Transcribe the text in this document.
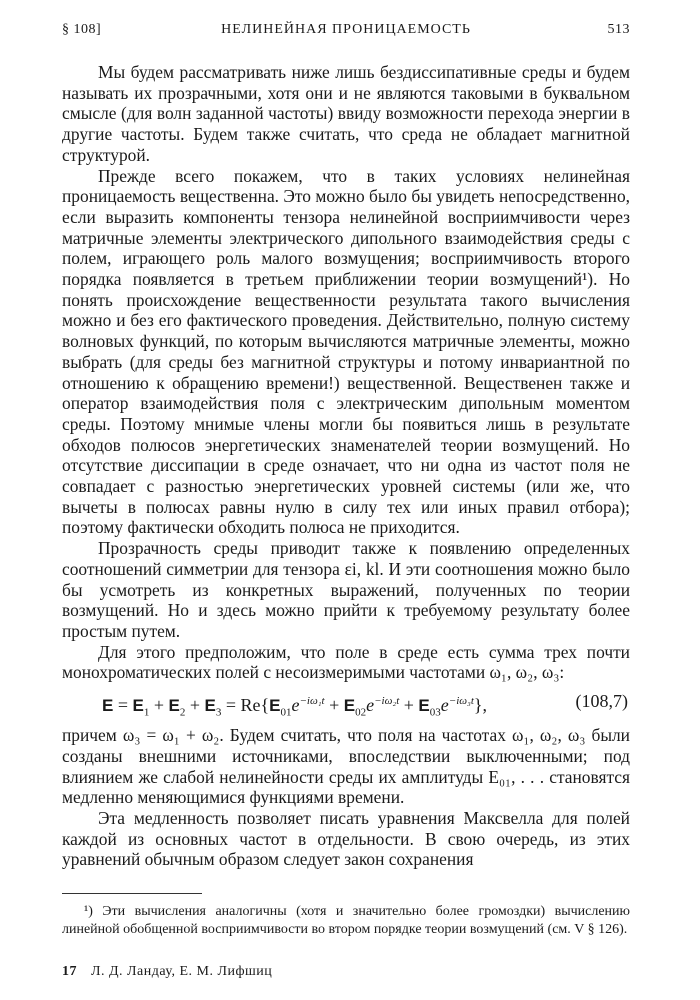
§ 108]	НЕЛИНЕЙНАЯ ПРОНИЦАЕМОСТЬ	513

Мы будем рассматривать ниже лишь бездиссипативные среды и будем называть их прозрачными, хотя они и не являются таковыми в буквальном смысле (для волн заданной частоты) ввиду возможности перехода энергии в другие частоты. Будем также считать, что среда не обладает магнитной структурой.

Прежде всего покажем, что в таких условиях нелинейная проницаемость вещественна. Это можно было бы увидеть непосредственно, если выразить компоненты тензора нелинейной восприимчивости через матричные элементы электрического дипольного взаимодействия среды с полем, играющего роль малого возмущения; восприимчивость второго порядка появляется в третьем приближении теории возмущений¹). Но понять происхождение вещественности результата такого вычисления можно и без его фактического проведения. Действительно, полную систему волновых функций, по которым вычисляются матричные элементы, можно выбрать (для среды без магнитной структуры и потому инвариантной по отношению к обращению времени!) вещественной. Вещественен также и оператор взаимодействия поля с электрическим дипольным моментом среды. Поэтому мнимые члены могли бы появиться лишь в результате обходов полюсов энергетических знаменателей теории возмущений. Но отсутствие диссипации в среде означает, что ни одна из частот поля не совпадает с разностью энергетических уровней системы (или же, что вычеты в полюсах равны нулю в силу тех или иных правил отбора); поэтому фактически обходить полюса не приходится.

Прозрачность среды приводит также к появлению определенных соотношений симметрии для тензора εi, kl. И эти соотношения можно было бы усмотреть из конкретных выражений, полученных по теории возмущений. Но и здесь можно прийти к требуемому результату более простым путем.

Для этого предположим, что поле в среде есть сумма трех почти монохроматических полей с несоизмеримыми частотами ω₁, ω₂, ω₃:

$E = E_1 + E_2 + E_3 = Re\{E_{01}e^{-i\omega_1t} + E_{02}e^{-i\omega_2t} + E_{03}e^{-i\omega_3t}\}$,	(108,7)

причем ω₃ = ω₁ + ω₂. Будем считать, что поля на частотах ω₁, ω₂, ω₃ были созданы внешними источниками, впоследствии выключенными; под влиянием же слабой нелинейности среды их амплитуды E₀₁, . . . становятся медленно меняющимися функциями времени.

Эта медленность позволяет писать уравнения Максвелла для полей каждой из основных частот в отдельности. В свою очередь, из этих уравнений обычным образом следует закон сохранения

¹) Эти вычисления аналогичны (хотя и значительно более громоздки) вычислению линейной обобщенной восприимчивости во втором порядке теории возмущений (см. V § 126).
17 Л. Д. Ландау, Е. М. Лифшиц
